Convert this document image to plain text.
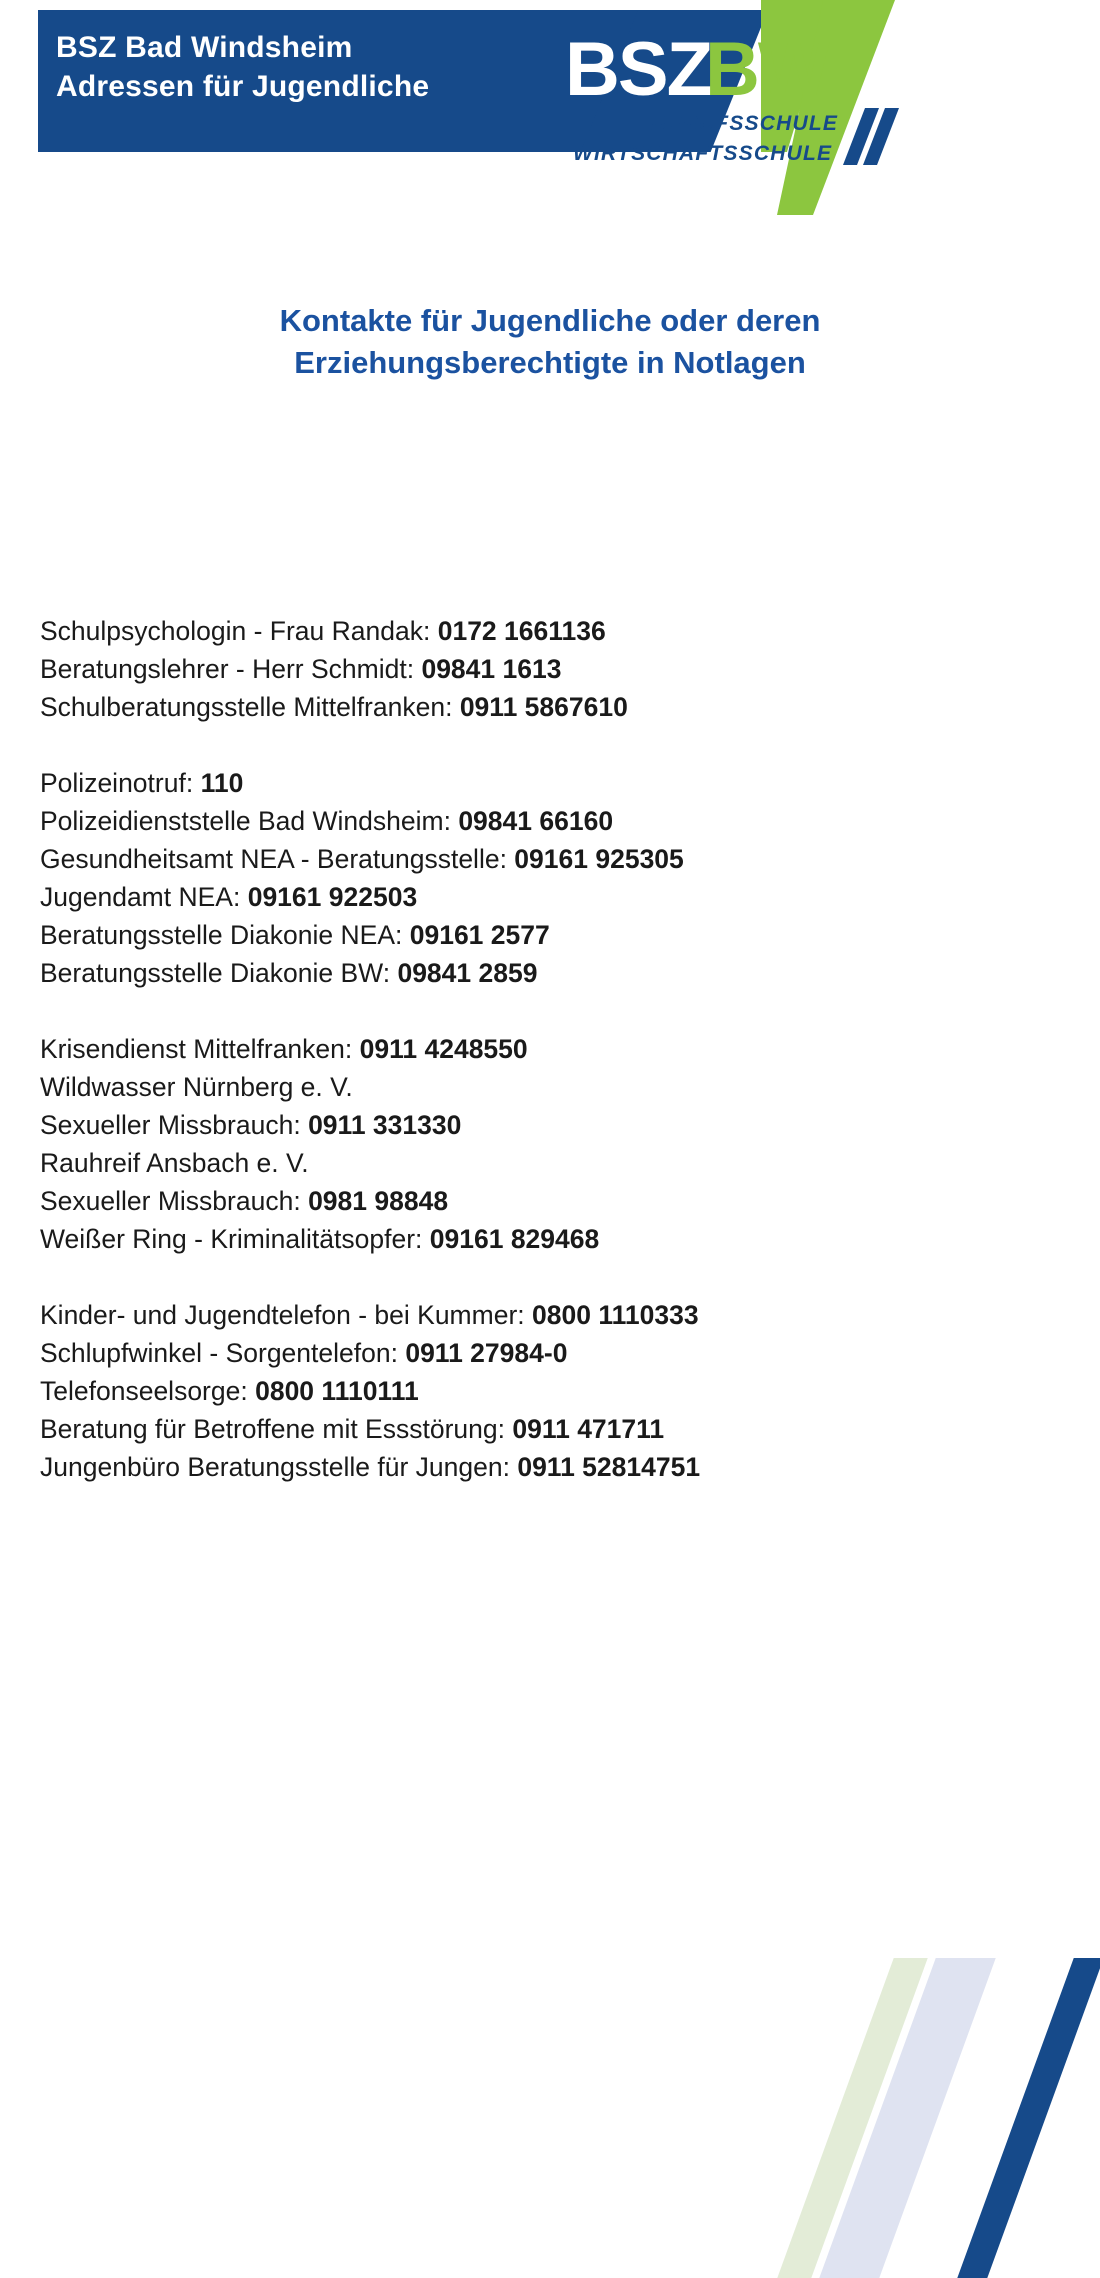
BSZ Bad Windsheim
Adressen für Jugendliche BSZ
BW
BERUFSSCHULE
WIRTSCHAFTSSCHULE
Kontakte für Jugendliche oder deren
Erziehungsberechtigte in Notlagen
Schulpsychologin - Frau Randak: 0172 1661136
Beratungslehrer - Herr Schmidt: 09841 1613
Schulberatungsstelle Mittelfranken: 0911 5867610
Polizeinotruf: 110
Polizeidienststelle Bad Windsheim: 09841 66160
Gesundheitsamt NEA - Beratungsstelle: 09161 925305
Jugendamt NEA: 09161 922503
Beratungsstelle Diakonie NEA: 09161 2577
Beratungsstelle Diakonie BW: 09841 2859
Krisendienst Mittelfranken: 0911 4248550
Wildwasser Nürnberg e. V.
Sexueller Missbrauch: 0911 331330
Rauhreif Ansbach e. V.
Sexueller Missbrauch: 0981 98848
Weißer Ring - Kriminalitätsopfer: 09161 829468
Kinder- und Jugendtelefon - bei Kummer: 0800 1110333
Schlupfwinkel - Sorgentelefon: 0911 27984-0
Telefonseelsorge: 0800 1110111
Beratung für Betroffene mit Essstörung: 0911 471711
Jungenbüro Beratungsstelle für Jungen: 0911 52814751
